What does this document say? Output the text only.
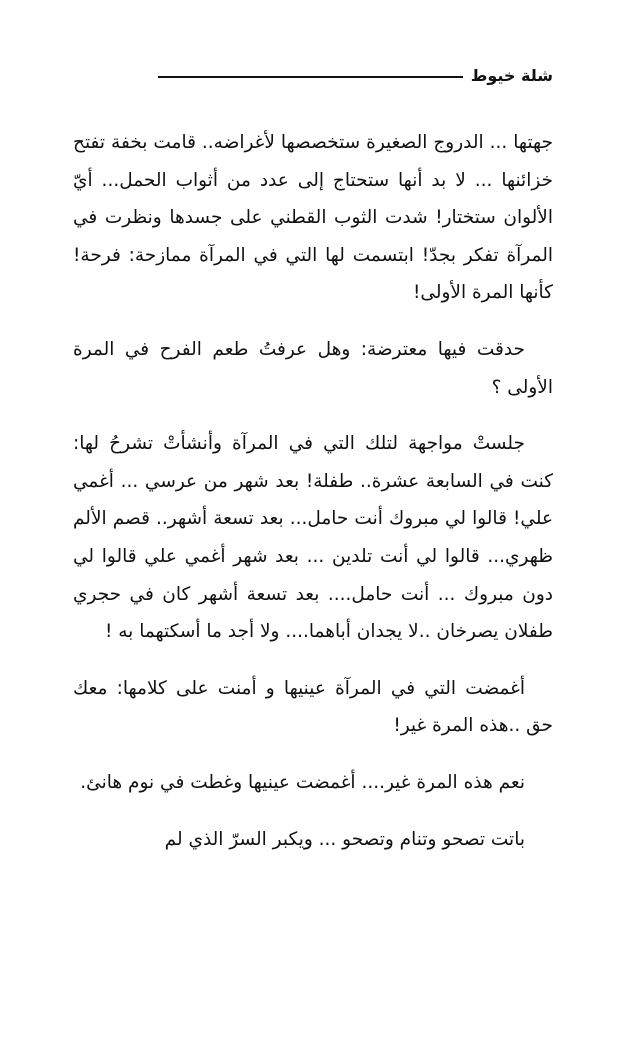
شلة خيوط

جهتها ... الدروج الصغيرة ستخصصها لأغراضه.. قامت بخفة تفتح خزائنها ... لا بد أنها ستحتاج إلى عدد من أثواب الحمل... أيّ الألوان ستختار! شدت الثوب القطني على جسدها ونظرت في المرآة تفكر بجدّ! ابتسمت لها التي في المرآة ممازحة: فرحة! كأنها المرة الأولى!

حدقت فيها معترضة: وهل عرفتُ طعم الفرح في المرة الأولى ؟

جلستْ مواجهة لتلك التي في المرآة وأنشأتْ تشرحُ لها: كنت في السابعة عشرة.. طفلة! بعد شهر من عرسي ... أغمي علي! قالوا لي مبروك أنت حامل... بعد تسعة أشهر.. قصم الألم ظهري... قالوا لي أنت تلدين ... بعد شهر أغمي علي قالوا لي دون مبروك ... أنت حامل.... بعد تسعة أشهر كان في حجري طفلان يصرخان ..لا يجدان أباهما.... ولا أجد ما أسكتهما به !

أغمضت التي في المرآة عينيها و أمنت على كلامها: معك حق ..هذه المرة غير!

نعم هذه المرة غير.... أغمضت عينيها وغطت في نوم هانئ.

باتت تصحو وتنام وتصحو ... ويكبر السرّ الذي لم
